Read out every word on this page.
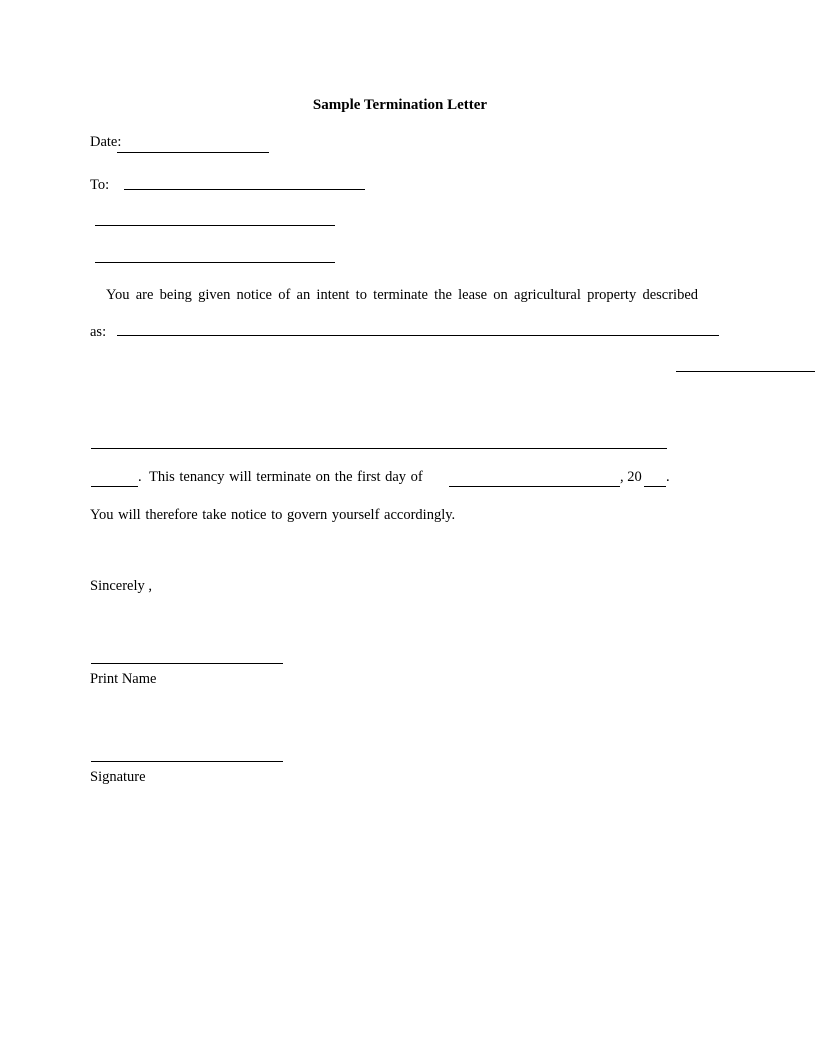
Sample Termination Letter
Date:
To:
You are being given notice of an intent to terminate the lease on agricultural property described
as:
. This tenancy will terminate on the first day of	, 20 .
You will therefore take notice to govern yourself accordingly.
Sincerely ,
Print Name
Signature
